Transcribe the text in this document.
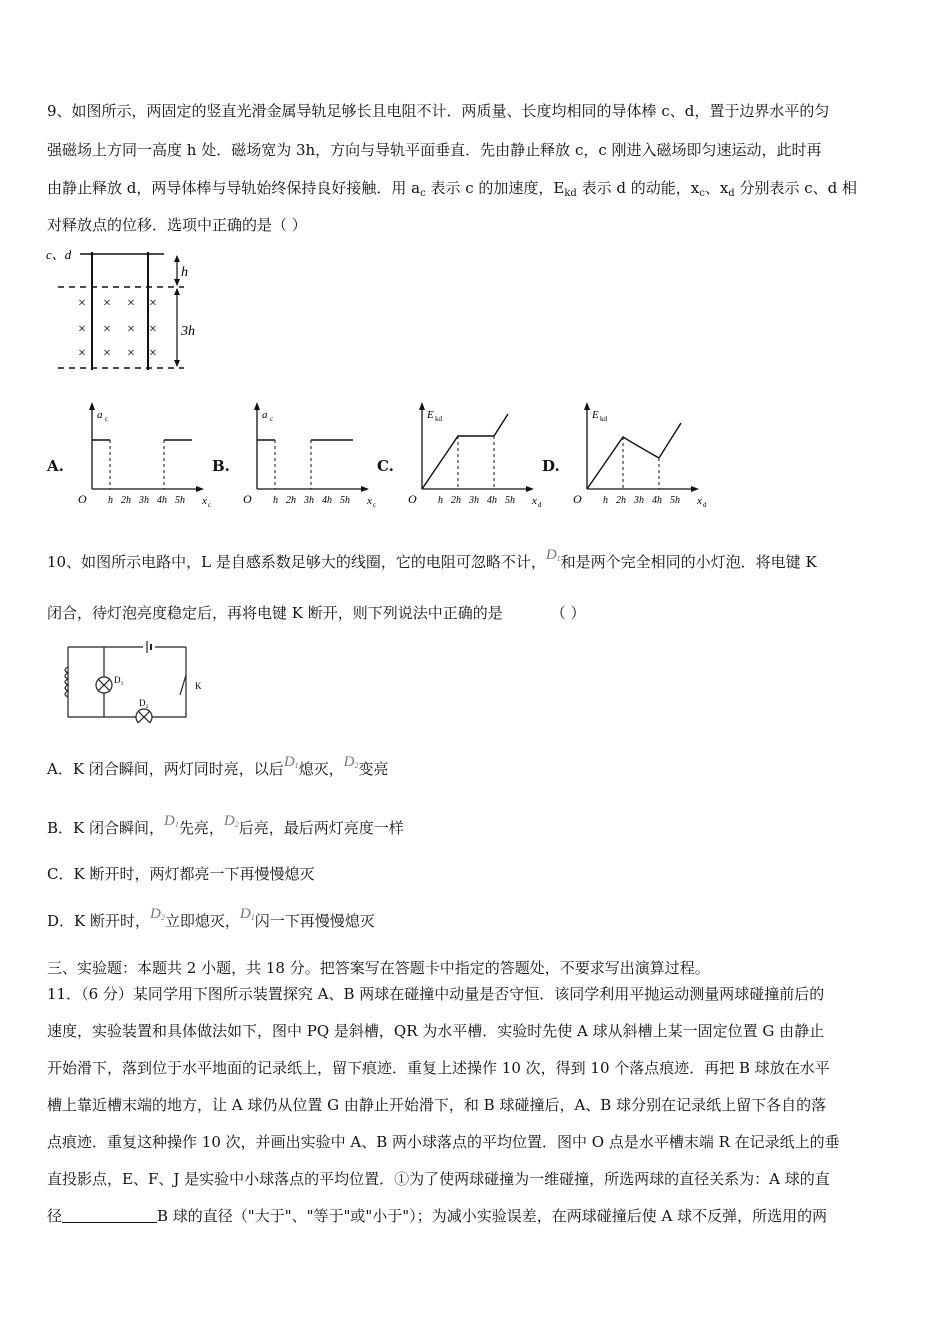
9、如图所示，两固定的竖直光滑金属导轨足够长且电阻不计．两质量、长度均相同的导体棒 c、d，置于边界水平的匀
强磁场上方同一高度 h 处．磁场宽为 3h，方向与导轨平面垂直．先由静止释放 c，c 刚进入磁场即匀速运动，此时再
由静止释放 d，两导体棒与导轨始终保持良好接触．用 $a_c$ 表示 c 的加速度，$E_{kd}$ 表示 d 的动能，$x_c$、$x_d$ 分别表示 c、d 相
对释放点的位移．选项中正确的是（ ）
c、d
h
3h
× × × ×
× × × ×
× × × ×
A.	B.	C.	D.
O
a c
x c
h 2h 3h 4h 5h	O
a c
x c
h 2h 3h 4h 5h	O
E kd
x d
h 2h 3h 4h 5h	O
E kd
x d
h 2h 3h 4h 5h
10、如图所示电路中，L 是自感系数足够大的线圈，它的电阻可忽略不计，D1和是两个完全相同的小灯泡．将电键 K
闭合，待灯泡亮度稳定后，再将电键 K 断开，则下列说法中正确的是	（ ）
D₁
D₂
K
A．K 闭合瞬间，两灯同时亮，以后D1熄灭，D2变亮
B．K 闭合瞬间，D1先亮，D2后亮，最后两灯亮度一样
C．K 断开时，两灯都亮一下再慢慢熄灭
D．K 断开时，D2立即熄灭，D1闪一下再慢慢熄灭
三、实验题：本题共 2 小题，共 18 分。把答案写在答题卡中指定的答题处，不要求写出演算过程。
11．（6 分）某同学用下图所示装置探究 A、B 两球在碰撞中动量是否守恒．该同学利用平抛运动测量两球碰撞前后的
速度，实验装置和具体做法如下，图中 PQ 是斜槽，QR 为水平槽．实验时先使 A 球从斜槽上某一固定位置 G 由静止
开始滑下，落到位于水平地面的记录纸上，留下痕迹．重复上述操作 10 次，得到 10 个落点痕迹．再把 B 球放在水平
槽上靠近槽末端的地方，让 A 球仍从位置 G 由静止开始滑下，和 B 球碰撞后，A、B 球分别在记录纸上留下各自的落
点痕迹．重复这种操作 10 次，并画出实验中 A、B 两小球落点的平均位置．图中 O 点是水平槽末端 R 在记录纸上的垂
直投影点，E、F、J 是实验中小球落点的平均位置．①为了使两球碰撞为一维碰撞，所选两球的直径关系为：A 球的直
径	B 球的直径（"大于"、"等于"或"小于"）；为减小实验误差，在两球碰撞后使 A 球不反弹，所选用的两
